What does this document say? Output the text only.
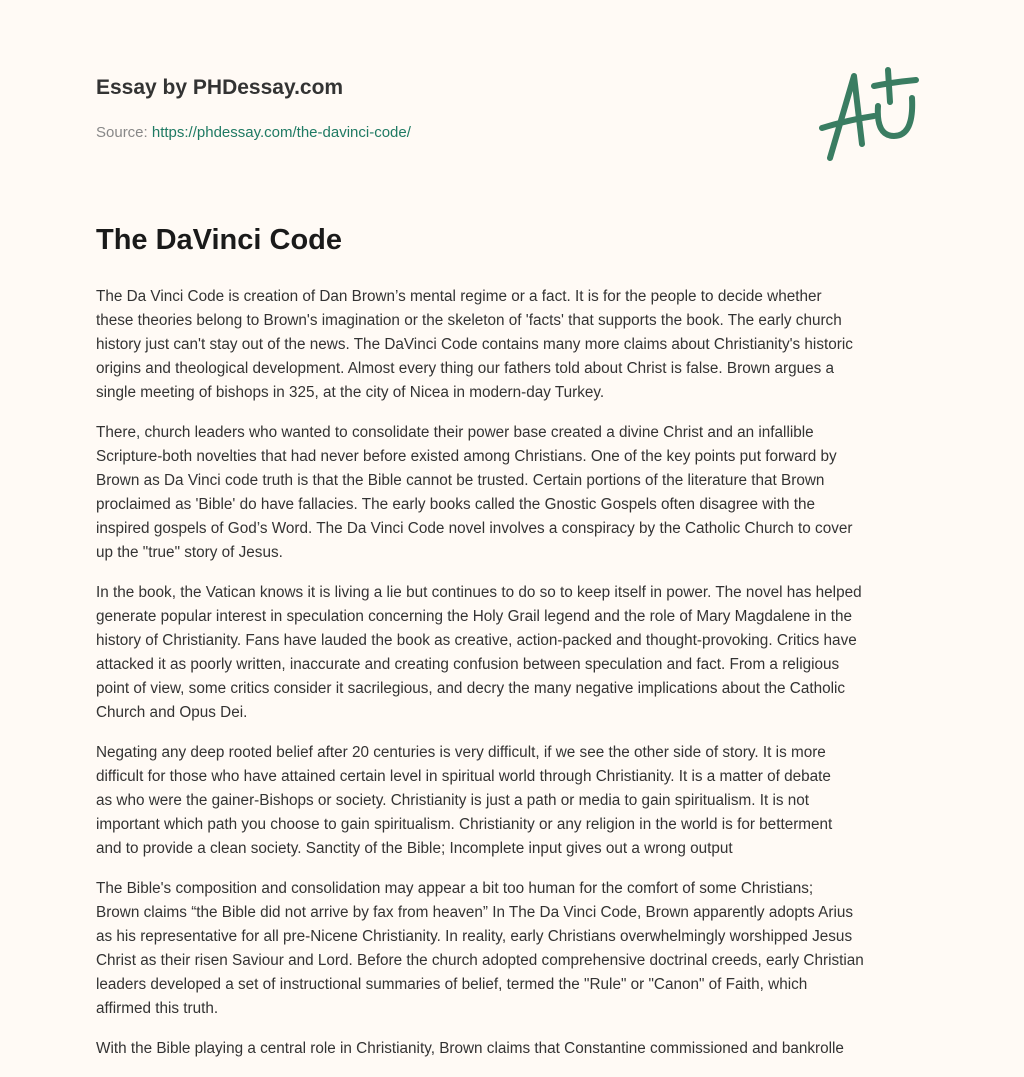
Essay by PHDessay.com
Source: https://phdessay.com/the-davinci-code/
The DaVinci Code

The Da Vinci Code is creation of Dan Brown’s mental regime or a fact. It is for the people to decide whether
these theories belong to Brown's imagination or the skeleton of 'facts' that supports the book. The early church
history just can't stay out of the news. The DaVinci Code contains many more claims about Christianity's historic
origins and theological development. Almost every thing our fathers told about Christ is false. Brown argues a
single meeting of bishops in 325, at the city of Nicea in modern-day Turkey.

There, church leaders who wanted to consolidate their power base created a divine Christ and an infallible
Scripture-both novelties that had never before existed among Christians. One of the key points put forward by
Brown as Da Vinci code truth is that the Bible cannot be trusted. Certain portions of the literature that Brown
proclaimed as 'Bible' do have fallacies. The early books called the Gnostic Gospels often disagree with the
inspired gospels of God’s Word. The Da Vinci Code novel involves a conspiracy by the Catholic Church to cover
up the "true" story of Jesus.

In the book, the Vatican knows it is living a lie but continues to do so to keep itself in power. The novel has helped
generate popular interest in speculation concerning the Holy Grail legend and the role of Mary Magdalene in the
history of Christianity. Fans have lauded the book as creative, action-packed and thought-provoking. Critics have
attacked it as poorly written, inaccurate and creating confusion between speculation and fact. From a religious
point of view, some critics consider it sacrilegious, and decry the many negative implications about the Catholic
Church and Opus Dei.

Negating any deep rooted belief after 20 centuries is very difficult, if we see the other side of story. It is more
difficult for those who have attained certain level in spiritual world through Christianity. It is a matter of debate
as who were the gainer-Bishops or society. Christianity is just a path or media to gain spiritualism. It is not
important which path you choose to gain spiritualism. Christianity or any religion in the world is for betterment
and to provide a clean society. Sanctity of the Bible; Incomplete input gives out a wrong output

The Bible's composition and consolidation may appear a bit too human for the comfort of some Christians;
Brown claims “the Bible did not arrive by fax from heaven” In The Da Vinci Code, Brown apparently adopts Arius
as his representative for all pre-Nicene Christianity. In reality, early Christians overwhelmingly worshipped Jesus
Christ as their risen Saviour and Lord. Before the church adopted comprehensive doctrinal creeds, early Christian
leaders developed a set of instructional summaries of belief, termed the "Rule" or "Canon" of Faith, which
affirmed this truth.

With the Bible playing a central role in Christianity, Brown claims that Constantine commissioned and bankrolle
